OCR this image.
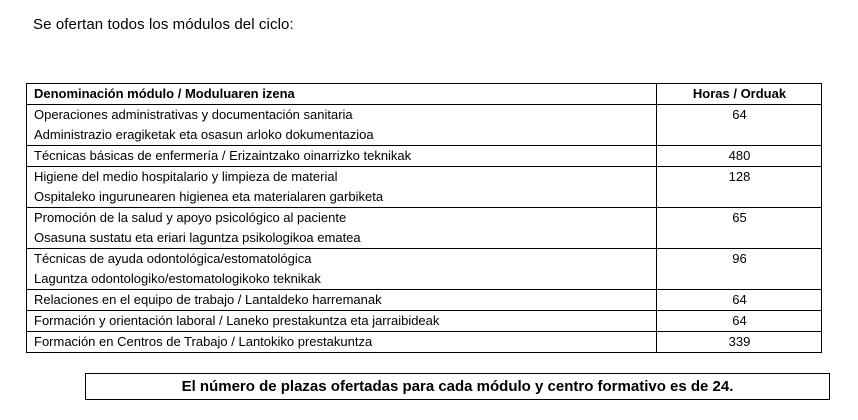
Se ofertan todos los módulos del ciclo:
Denominación módulo / Moduluaren izena	Horas / Orduak

Operaciones administrativas y documentación sanitaria
Administrazio eragiketak eta osasun arloko dokumentazioa	64

Técnicas básicas de enfermería / Erizaintzako oinarrizko teknikak	480

Higiene del medio hospitalario y limpieza de material
Ospitaleko ingurunearen higienea eta materialaren garbiketa	128

Promoción de la salud y apoyo psicológico al paciente
Osasuna sustatu eta eriari laguntza psikologikoa ematea	65

Técnicas de ayuda odontológica/estomatológica
Laguntza odontologiko/estomatologikoko teknikak	96

Relaciones en el equipo de trabajo / Lantaldeko harremanak	64

Formación y orientación laboral / Laneko prestakuntza eta jarraibideak	64

Formación en Centros de Trabajo / Lantokiko prestakuntza	339
El número de plazas ofertadas para cada módulo y centro formativo es de 24.
